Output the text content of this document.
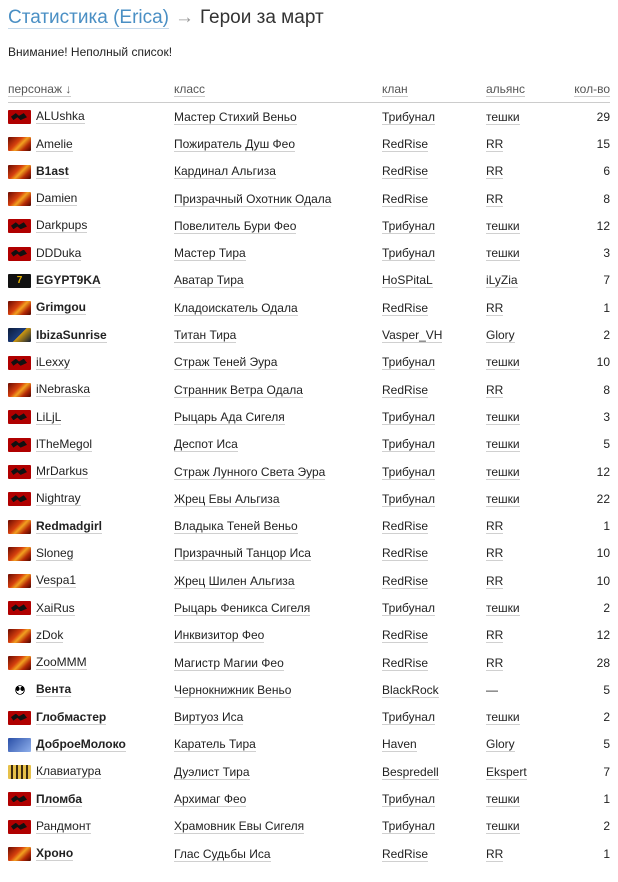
Статистика (Erica) → Герои за март
Внимание! Неполный список!
персонаж ↓	класс	клан	альянс	кол-во
ALUshka	Мастер Стихий Веньо	Трибунал	тешки	29
Amelie	Пожиратель Душ Фео	RedRise	RR	15
B1ast	Кардинал Альгиза	RedRise	RR	6
Damien	Призрачный Охотник Одала	RedRise	RR	8
Darkpups	Повелитель Бури Фео	Трибунал	тешки	12
DDDuka	Мастер Тира	Трибунал	тешки	3
7 EGYPT9KA	Аватар Тира	HoSPitaL	iLyZia	7
Grimgou	Кладоискатель Одала	RedRise	RR	1
IbizaSunrise	Титан Тира	Vasper_VH	Glory	2
iLexxy	Страж Теней Эура	Трибунал	тешки	10
iNebraska	Странник Ветра Одала	RedRise	RR	8
LiLjL	Рыцарь Ада Сигеля	Трибунал	тешки	3
lTheMegol	Деспот Иса	Трибунал	тешки	5
MrDarkus	Страж Лунного Света Эура	Трибунал	тешки	12
Nightray	Жрец Евы Альгиза	Трибунал	тешки	22
Redmadgirl	Владыка Теней Веньо	RedRise	RR	1
Sloneg	Призрачный Танцор Иса	RedRise	RR	10
Vespa1	Жрец Шилен Альгиза	RedRise	RR	10
XaiRus	Рыцарь Феникса Сигеля	Трибунал	тешки	2
zDok	Инквизитор Фео	RedRise	RR	12
ZooMMM	Магистр Магии Фео	RedRise	RR	28
Вента	Чернокнижник Веньо	BlackRock	—	5
Глобмастер	Виртуоз Иса	Трибунал	тешки	2
ДоброеМолоко	Каратель Тира	Haven	Glory	5
Клавиатура	Дуэлист Тира	Bespredell	Ekspert	7
Пломба	Архимаг Фео	Трибунал	тешки	1
Рандмонт	Храмовник Евы Сигеля	Трибунал	тешки	2
Хроно	Глас Судьбы Иса	RedRise	RR	1
